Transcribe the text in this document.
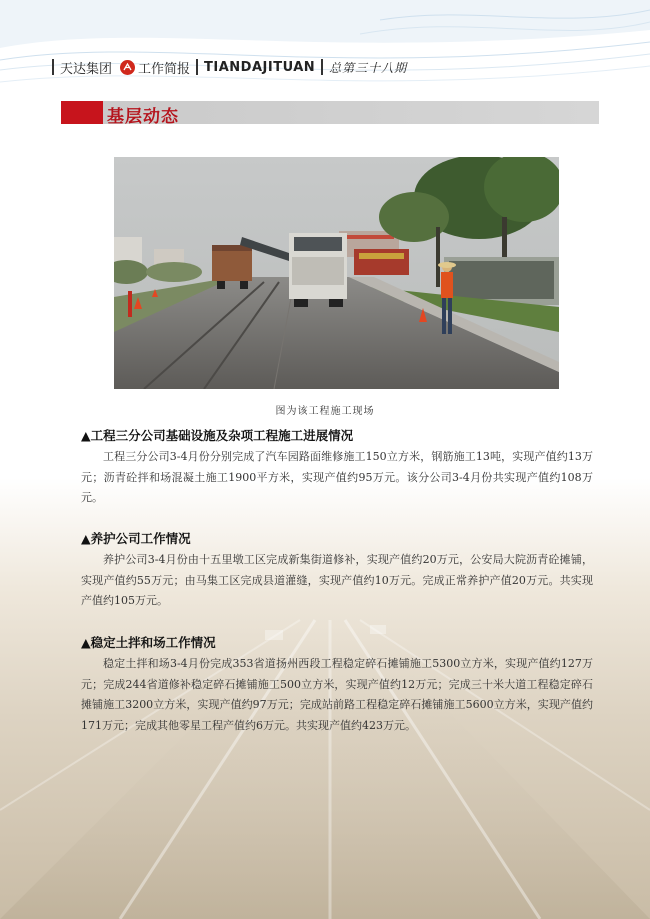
天达集团 工作简报 TIANDAJITUAN 总第三十八期
基层动态
图为该工程施工现场
▲工程三分公司基础设施及杂项工程施工进展情况

工程三分公司3-4月份分别完成了汽车园路面维修施工150立方米，钢筋施工13吨，实现产值约13万元；沥青砼拌和场混凝土施工1900平方米，实现产值约95万元。该分公司3-4月份共实现产值约108万元。

▲养护公司工作情况

养护公司3-4月份由十五里墩工区完成新集街道修补，实现产值约20万元，公安局大院沥青砼摊铺，实现产值约55万元；由马集工区完成县道灌缝，实现产值约10万元。完成正常养护产值20万元。共实现产值约105万元。

▲稳定土拌和场工作情况

稳定土拌和场3-4月份完成353省道扬州西段工程稳定碎石摊铺施工5300立方米，实现产值约127万元；完成244省道修补稳定碎石摊铺施工500立方米，实现产值约12万元；完成三十米大道工程稳定碎石摊铺施工3200立方米，实现产值约97万元；完成站前路工程稳定碎石摊铺施工5600立方米，实现产值约171万元；完成其他零星工程产值约6万元。共实现产值约423万元。
